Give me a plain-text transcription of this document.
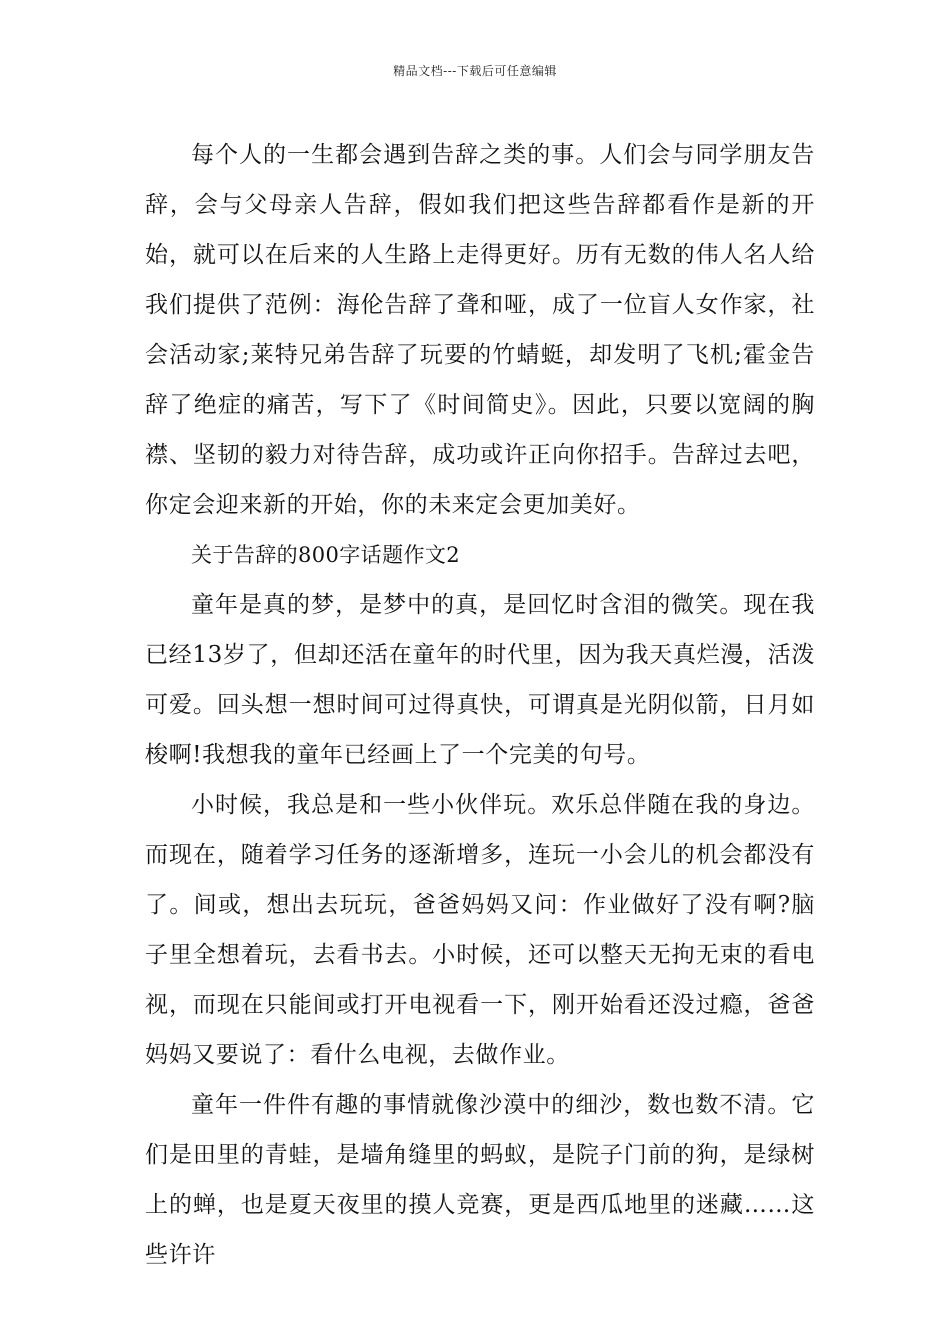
精品文档---下载后可任意编辑

每个人的一生都会遇到告辞之类的事。人们会与同学朋友告辞，会与父母亲人告辞，假如我们把这些告辞都看作是新的开始，就可以在后来的人生路上走得更好。历有无数的伟人名人给我们提供了范例：海伦告辞了聋和哑，成了一位盲人女作家，社会活动家;莱特兄弟告辞了玩要的竹蜻蜓，却发明了飞机;霍金告辞了绝症的痛苦，写下了《时间简史》。因此，只要以宽阔的胸襟、坚韧的毅力对待告辞，成功或许正向你招手。告辞过去吧，你定会迎来新的开始，你的未来定会更加美好。

关于告辞的800字话题作文2

童年是真的梦，是梦中的真，是回忆时含泪的微笑。现在我已经13岁了，但却还活在童年的时代里，因为我天真烂漫，活泼可爱。回头想一想时间可过得真快，可谓真是光阴似箭，日月如梭啊!我想我的童年已经画上了一个完美的句号。

小时候，我总是和一些小伙伴玩。欢乐总伴随在我的身边。而现在，随着学习任务的逐渐增多，连玩一小会儿的机会都没有了。间或，想出去玩玩，爸爸妈妈又问：作业做好了没有啊?脑子里全想着玩，去看书去。小时候，还可以整天无拘无束的看电视，而现在只能间或打开电视看一下，刚开始看还没过瘾，爸爸妈妈又要说了：看什么电视，去做作业。

童年一件件有趣的事情就像沙漠中的细沙，数也数不清。它们是田里的青蛙，是墙角缝里的蚂蚁，是院子门前的狗，是绿树上的蝉，也是夏天夜里的摸人竞赛，更是西瓜地里的迷藏……这些许许
